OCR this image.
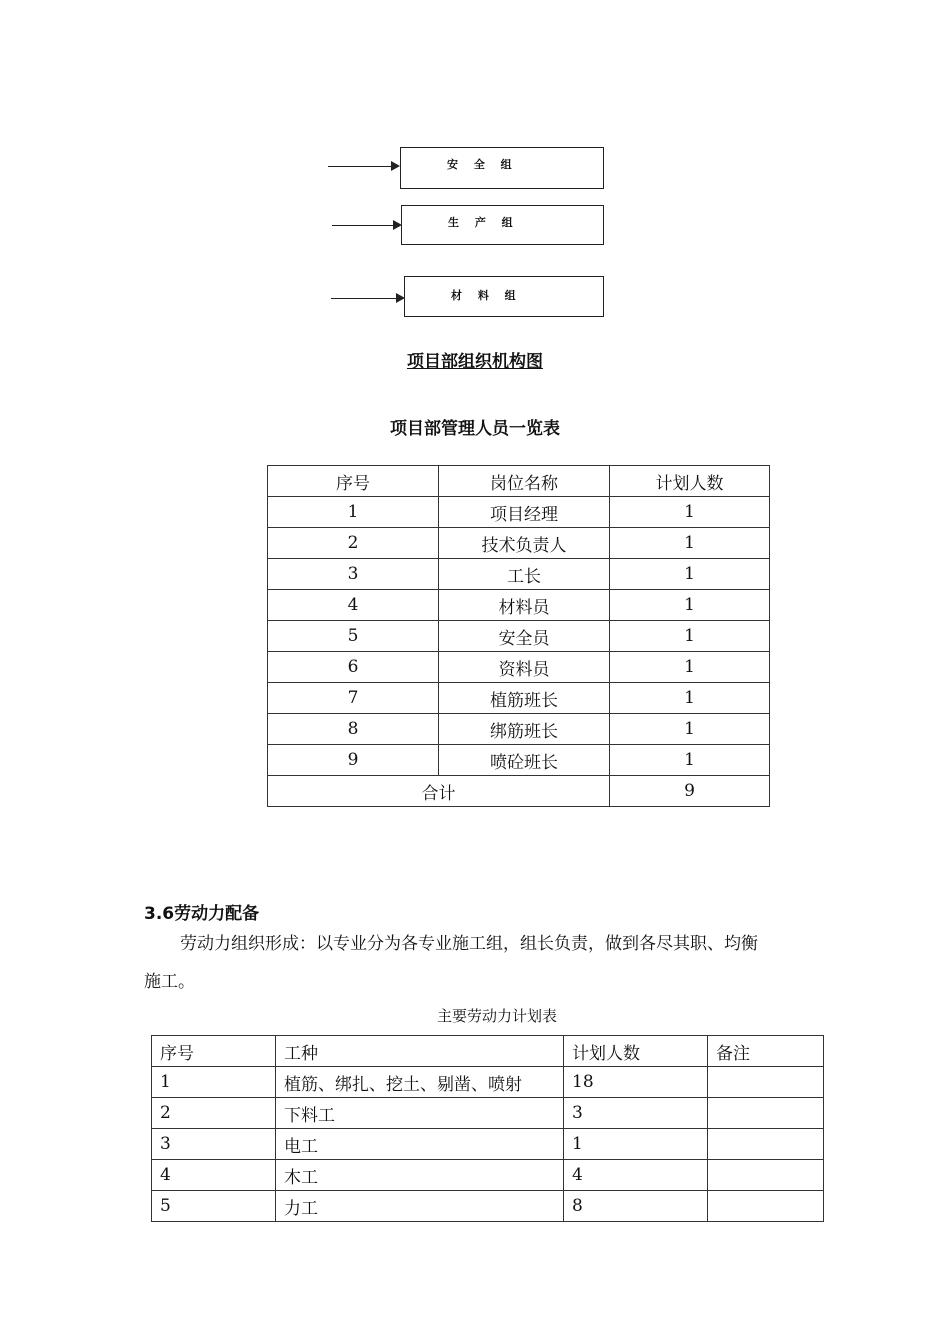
安 全 组
生 产 组
材 料 组
项目部组织机构图
项目部管理人员一览表
序号	岗位名称	计划人数
1	项目经理	1
2	技术负责人	1
3	工长	1
4	材料员	1
5	安全员	1
6	资料员	1
7	植筋班长	1
8	绑筋班长	1
9	喷砼班长	1
合计		9
3.6劳动力配备
劳动力组织形成：以专业分为各专业施工组，组长负责，做到各尽其职、均衡
施工。
主要劳动力计划表
序号	工种	计划人数	备注
1	植筋、绑扎、挖土、剔凿、喷射	18	
2	下料工	3	
3	电工	1	
4	木工	4	
5	力工	8	
